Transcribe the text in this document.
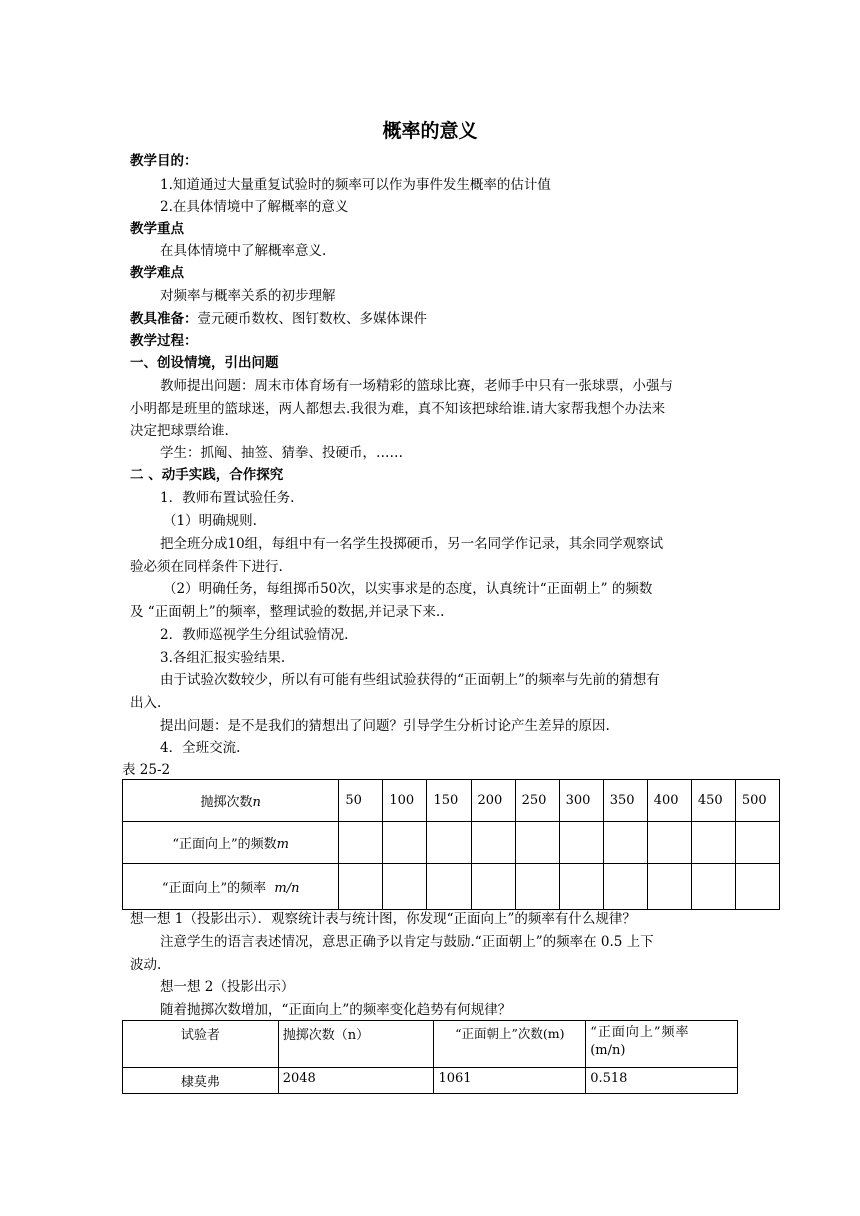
概率的意义
教学目的：
1.知道通过大量重复试验时的频率可以作为事件发生概率的估计值
2.在具体情境中了解概率的意义
教学重点
在具体情境中了解概率意义.
教学难点
对频率与概率关系的初步理解
教具准备：壹元硬币数枚、图钉数枚、多媒体课件
教学过程：
一、创设情境，引出问题
教师提出问题：周末市体育场有一场精彩的篮球比赛，老师手中只有一张球票，小强与
小明都是班里的篮球迷，两人都想去.我很为难，真不知该把球给谁.请大家帮我想个办法来
决定把球票给谁.
学生：抓阄、抽签、猜拳、投硬币，……
二 、动手实践，合作探究
1．教师布置试验任务.
（1）明确规则.
把全班分成10组，每组中有一名学生投掷硬币，另一名同学作记录，其余同学观察试
验必须在同样条件下进行.
（2）明确任务，每组掷币50次，以实事求是的态度，认真统计“正面朝上” 的频数
及 “正面朝上”的频率，整理试验的数据,并记录下来..
2．教师巡视学生分组试验情况.
3.各组汇报实验结果.
由于试验次数较少，所以有可能有些组试验获得的“正面朝上”的频率与先前的猜想有
出入.
提出问题：是不是我们的猜想出了问题？引导学生分析讨论产生差异的原因.
4．全班交流.
表 25-2
抛掷次数n	50	100	150	200	250	300	350	400	450	500
“正面向上”的频数m										
“正面向上”的频率 m/n										
想一想 1（投影出示）．观察统计表与统计图，你发现“正面向上”的频率有什么规律？
注意学生的语言表述情况，意思正确予以肯定与鼓励.“正面朝上”的频率在 0.5 上下
波动.
想一想 2（投影出示）
随着抛掷次数增加，“正面向上”的频率变化趋势有何规律？
试验者	抛掷次数（n）	“正面朝上”次数(m)	“正面向上”频率
(m/n)
棣莫弗	2048	1061	0.518
